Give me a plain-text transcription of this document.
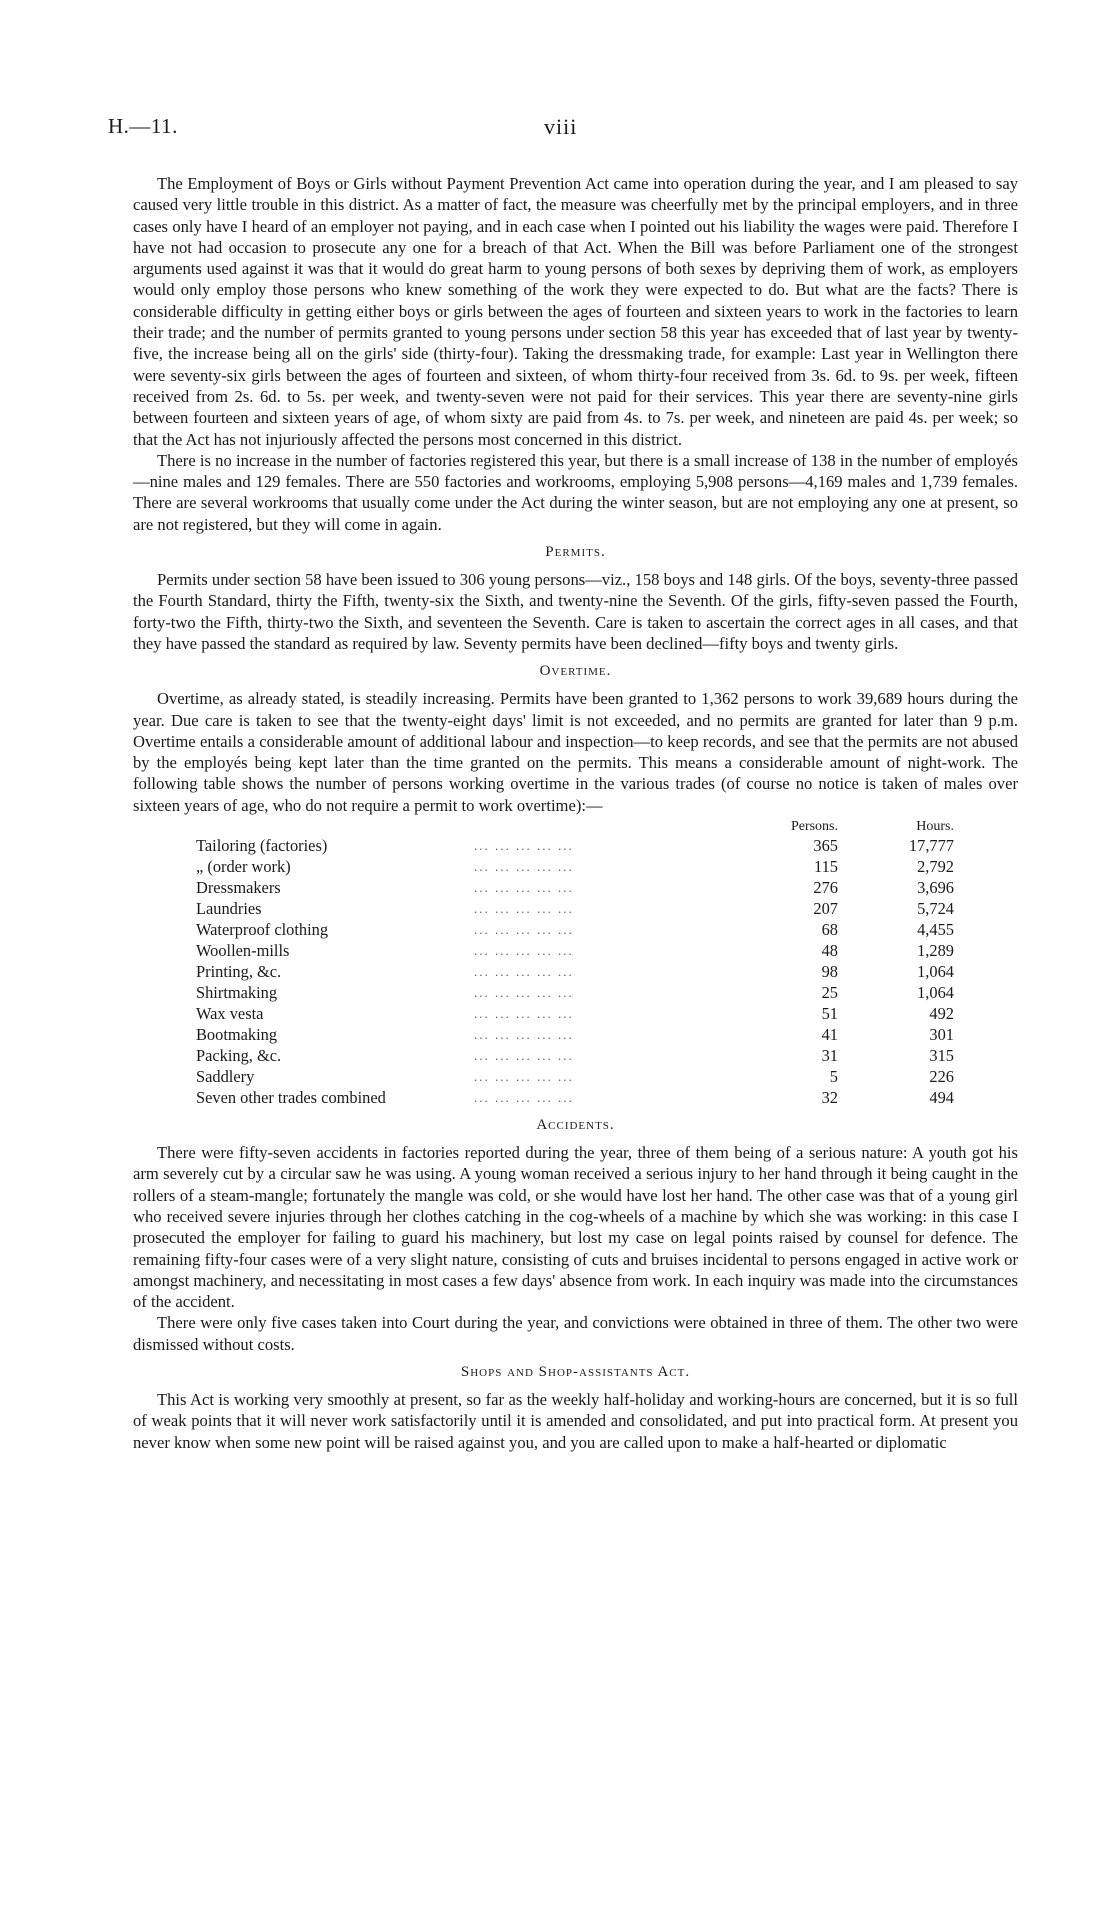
H.—11.	viii

The Employment of Boys or Girls without Payment Prevention Act came into operation during the year, and I am pleased to say caused very little trouble in this district. As a matter of fact, the measure was cheerfully met by the principal employers, and in three cases only have I heard of an employer not paying, and in each case when I pointed out his liability the wages were paid. Therefore I have not had occasion to prosecute any one for a breach of that Act. When the Bill was before Parliament one of the strongest arguments used against it was that it would do great harm to young persons of both sexes by depriving them of work, as employers would only employ those persons who knew something of the work they were expected to do. But what are the facts? There is considerable difficulty in getting either boys or girls between the ages of fourteen and sixteen years to work in the factories to learn their trade; and the number of permits granted to young persons under section 58 this year has exceeded that of last year by twenty-five, the increase being all on the girls' side (thirty-four). Taking the dressmaking trade, for example: Last year in Wellington there were seventy-six girls between the ages of fourteen and sixteen, of whom thirty-four received from 3s. 6d. to 9s. per week, fifteen received from 2s. 6d. to 5s. per week, and twenty-seven were not paid for their services. This year there are seventy-nine girls between fourteen and sixteen years of age, of whom sixty are paid from 4s. to 7s. per week, and nineteen are paid 4s. per week; so that the Act has not injuriously affected the persons most concerned in this district.

There is no increase in the number of factories registered this year, but there is a small increase of 138 in the number of employés—nine males and 129 females. There are 550 factories and workrooms, employing 5,908 persons—4,169 males and 1,739 females. There are several workrooms that usually come under the Act during the winter season, but are not employing any one at present, so are not registered, but they will come in again.

Permits.

Permits under section 58 have been issued to 306 young persons—viz., 158 boys and 148 girls. Of the boys, seventy-three passed the Fourth Standard, thirty the Fifth, twenty-six the Sixth, and twenty-nine the Seventh. Of the girls, fifty-seven passed the Fourth, forty-two the Fifth, thirty-two the Sixth, and seventeen the Seventh. Care is taken to ascertain the correct ages in all cases, and that they have passed the standard as required by law. Seventy permits have been declined—fifty boys and twenty girls.

Overtime.

Overtime, as already stated, is steadily increasing. Permits have been granted to 1,362 persons to work 39,689 hours during the year. Due care is taken to see that the twenty-eight days' limit is not exceeded, and no permits are granted for later than 9 p.m. Overtime entails a considerable amount of additional labour and inspection—to keep records, and see that the permits are not abused by the employés being kept later than the time granted on the permits. This means a considerable amount of night-work. The following table shows the number of persons working overtime in the various trades (of course no notice is taken of males over sixteen years of age, who do not require a permit to work overtime):—

		Persons.	Hours.
Tailoring (factories)	... ... ... ... ...	365	17,777
„ (order work)	... ... ... ... ...	115	2,792
Dressmakers	... ... ... ... ...	276	3,696
Laundries	... ... ... ... ...	207	5,724
Waterproof clothing	... ... ... ... ...	68	4,455
Woollen-mills	... ... ... ... ...	48	1,289
Printing, &c.	... ... ... ... ...	98	1,064
Shirtmaking	... ... ... ... ...	25	1,064
Wax vesta	... ... ... ... ...	51	492
Bootmaking	... ... ... ... ...	41	301
Packing, &c.	... ... ... ... ...	31	315
Saddlery	... ... ... ... ...	5	226
Seven other trades combined	... ... ... ... ...	32	494
Accidents.

There were fifty-seven accidents in factories reported during the year, three of them being of a serious nature: A youth got his arm severely cut by a circular saw he was using. A young woman received a serious injury to her hand through it being caught in the rollers of a steam-mangle; fortunately the mangle was cold, or she would have lost her hand. The other case was that of a young girl who received severe injuries through her clothes catching in the cog-wheels of a machine by which she was working: in this case I prosecuted the employer for failing to guard his machinery, but lost my case on legal points raised by counsel for defence. The remaining fifty-four cases were of a very slight nature, consisting of cuts and bruises incidental to persons engaged in active work or amongst machinery, and necessitating in most cases a few days' absence from work. In each inquiry was made into the circumstances of the accident.

There were only five cases taken into Court during the year, and convictions were obtained in three of them. The other two were dismissed without costs.

Shops and Shop-assistants Act.

This Act is working very smoothly at present, so far as the weekly half-holiday and working-hours are concerned, but it is so full of weak points that it will never work satisfactorily until it is amended and consolidated, and put into practical form. At present you never know when some new point will be raised against you, and you are called upon to make a half-hearted or diplomatic
